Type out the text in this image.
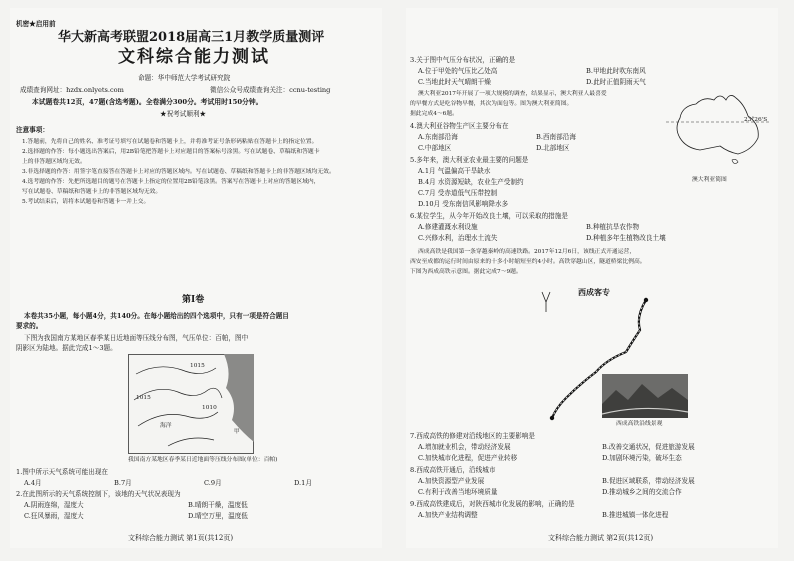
机密★启用前
华大新高考联盟2018届高三1月教学质量测评
文科综合能力测试
命题：华中师范大学考试研究院
成绩查询网址：hzdx.onlyets.com	微信公众号成绩查询关注：ccnu-testing
本试题卷共12页，47题(含选考题)。全卷满分300分。考试用时150分钟。
★祝考试顺利★
注意事项：
1.答题前，先将自己的姓名、准考证号填写在试题卷和答题卡上，并将准考证号条形码粘贴在答题卡上的指定位置。
2.选择题的作答：每小题选出答案后，用2B铅笔把答题卡上对应题目的答案标号涂黑。写在试题卷、草稿纸和答题卡
上的非答题区域均无效。
3.非选择题的作答：用签字笔直接答在答题卡上对应的答题区域内。写在试题卷、草稿纸和答题卡上的非答题区域均无效。
4.选考题的作答：先把所选题目的题号在答题卡上指定的位置用2B铅笔涂黑。答案写在答题卡上对应的答题区域内，
写在试题卷、草稿纸和答题卡上的非答题区域均无效。
5.考试结束后，请将本试题卷和答题卡一并上交。
第Ⅰ卷
本卷共35小题，每小题4分，共140分。在每小题给出的四个选项中，只有一项是符合题目
要求的。
下图为我国南方某地区春季某日近地面等压线分布图，气压单位：百帕，图中
阴影区为陆地。据此完成1～3题。
1015
1015
1010
海洋
甲
我国南方某地区春季某日近地面等压线分布图(单位：百帕)
1.图中所示天气系统可能出现在
A.4月	B.7月	C.9月	D.1月
2.在此图所示的天气系统控制下，该地的天气状况表现为
A.阴雨连绵，湿度大	B.晴朗干燥，温度低
C.狂风暴雨，湿度大	D.晴空万里，温度低
文科综合能力测试 第1页(共12页)
3.关于图中气压分布状况，正确的是
A.位于甲处的气压比乙处高	B.甲地此时吹东南风
C.当地此时天气晴朗干燥	D.此时正值阴雨天气
澳大利亚2017年开展了一项大规模的调查，结果显示，澳大利亚人最喜爱
的早餐方式是吃谷物早餐，其次为面包等。图为澳大利亚简图。
据此完成4～6题。
23°26'S
澳大利亚简图
4.澳大利亚谷物生产区主要分布在
A.东南部沿海	B.西南部沿海
C.中部地区	D.北部地区
5.多年来，澳大利亚农业最主要的问题是
A.1月 气温偏高干旱缺水
B.4月 水资源短缺，农业生产受制约
C.7月 受赤道低气压带控制
D.10月 受东南信风影响降水多
6.某位学生，从今年开始改良土壤，可以采取的措施是
A.修建灌溉水利设施	B.种植抗旱农作物
C.兴修水利，治理水土流失	D.种植多年生植物改良土壤
西成高铁是我国第一条穿越秦岭的高速铁路。2017年12月6日，该线正式开通运营，
西安至成都的运行时间由原来的十多小时缩短至约4小时。高铁穿越山区，隧道桥梁比例高。
下图为西成高铁示意图。据此完成7～9题。
西成客专
西成高铁沿线景观
7.西成高铁的修建对沿线地区的主要影响是
A.增加就业机会，带动经济发展	B.改善交通状况，促进旅游发展
C.加快城市化进程，促进产业转移	D.加剧环境污染，破坏生态
8.西成高铁开通后，沿线城市
A.加快资源型产业发展	B.促进区域联系，带动经济发展
C.有利于改善当地环境质量	D.推动城乡之间的交流合作
9.西成高铁建成后，对陕西城市化发展的影响，正确的是
A.加快产业结构调整	B.推进城镇一体化进程
文科综合能力测试 第2页(共12页)
